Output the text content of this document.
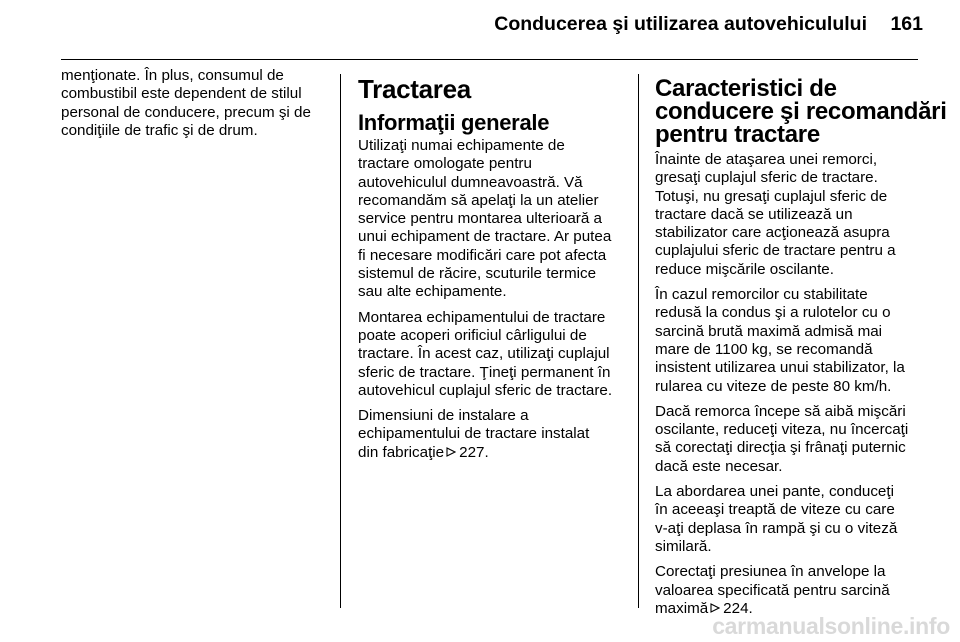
Conducerea şi utilizarea autovehiculului 161
menţionate. În plus, consumul de
combustibil este dependent de stilul
personal de conducere, precum şi de
condiţiile de trafic şi de drum.
Tractarea
Informaţii generale
Utilizaţi numai echipamente de
tractare omologate pentru
autovehiculul dumneavoastră. Vă
recomandăm să apelaţi la un atelier
service pentru montarea ulterioară a
unui echipament de tractare. Ar putea
fi necesare modificări care pot afecta
sistemul de răcire, scuturile termice
sau alte echipamente.
Montarea echipamentului de tractare
poate acoperi orificiul cârligului de
tractare. În acest caz, utilizaţi cuplajul
sferic de tractare. Ţineţi permanent în
autovehicul cuplajul sferic de tractare.
Dimensiuni de instalare a
echipamentului de tractare instalat
din fabricaţie 227.
Caracteristici de
conducere şi recomandări
pentru tractare
Înainte de ataşarea unei remorci,
gresaţi cuplajul sferic de tractare.
Totuşi, nu gresaţi cuplajul sferic de
tractare dacă se utilizează un
stabilizator care acţionează asupra
cuplajului sferic de tractare pentru a
reduce mişcările oscilante.
În cazul remorcilor cu stabilitate
redusă la condus şi a rulotelor cu o
sarcină brută maximă admisă mai
mare de 1100 kg, se recomandă
insistent utilizarea unui stabilizator, la
rularea cu viteze de peste 80 km/h.
Dacă remorca începe să aibă mişcări
oscilante, reduceţi viteza, nu încercaţi
să corectaţi direcţia şi frânaţi puternic
dacă este necesar.
La abordarea unei pante, conduceţi
în aceeaşi treaptă de viteze cu care
v-aţi deplasa în rampă şi cu o viteză
similară.
Corectaţi presiunea în anvelope la
valoarea specificată pentru sarcină
maximă 224.
carmanualsonline.info
